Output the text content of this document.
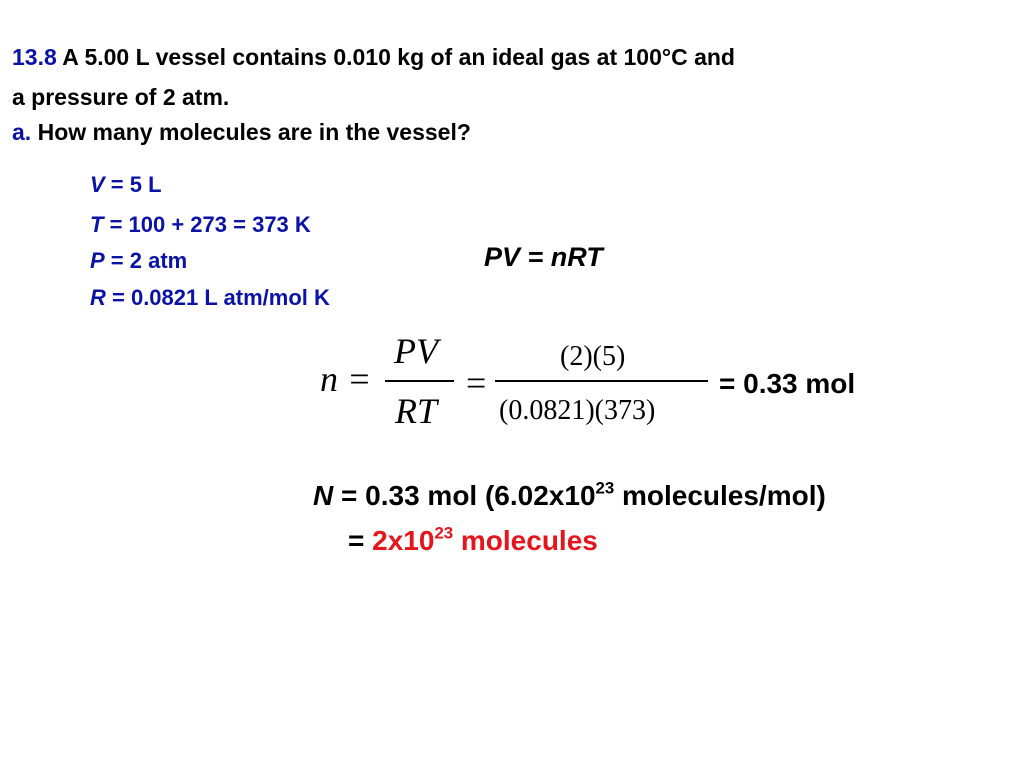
13.8 A 5.00 L vessel contains 0.010 kg of an ideal gas at 100°C and
a pressure of 2 atm.
a. How many molecules are in the vessel?
V = 5 L
T = 100 + 273 = 373 K
P = 2 atm
R = 0.0821 L atm/mol K
PV = nRT
n =
PV
RT
=
(2)(5)
(0.0821)(373)
= 0.33 mol
N = 0.33 mol ($6.02x10^{23}$ molecules/mol)
= $2x10^{23}$ molecules
